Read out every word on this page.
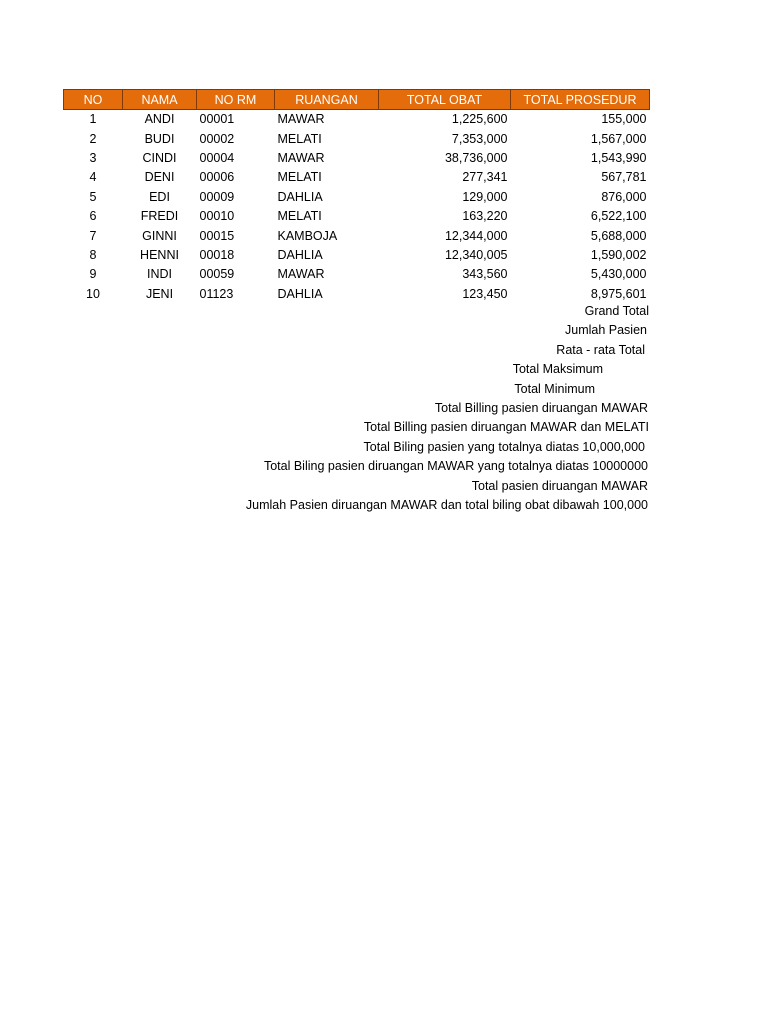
NO	NAMA	NO RM	RUANGAN	TOTAL OBAT	TOTAL PROSEDUR
1	ANDI	00001	MAWAR	1,225,600	155,000
2	BUDI	00002	MELATI	7,353,000	1,567,000
3	CINDI	00004	MAWAR	38,736,000	1,543,990
4	DENI	00006	MELATI	277,341	567,781
5	EDI	00009	DAHLIA	129,000	876,000
6	FREDI	00010	MELATI	163,220	6,522,100
7	GINNI	00015	KAMBOJA	12,344,000	5,688,000
8	HENNI	00018	DAHLIA	12,340,005	1,590,002
9	INDI	00059	MAWAR	343,560	5,430,000
10	JENI	01123	DAHLIA	123,450	8,975,601
Grand Total
Jumlah Pasien
Rata - rata Total
Total Maksimum
Total Minimum
Total Billing pasien diruangan MAWAR
Total Billing pasien diruangan MAWAR dan MELATI
Total Biling pasien yang totalnya diatas 10,000,000
Total Biling pasien diruangan MAWAR yang totalnya diatas 10000000
Total pasien diruangan MAWAR
Jumlah Pasien diruangan MAWAR dan total biling obat dibawah 100,000
